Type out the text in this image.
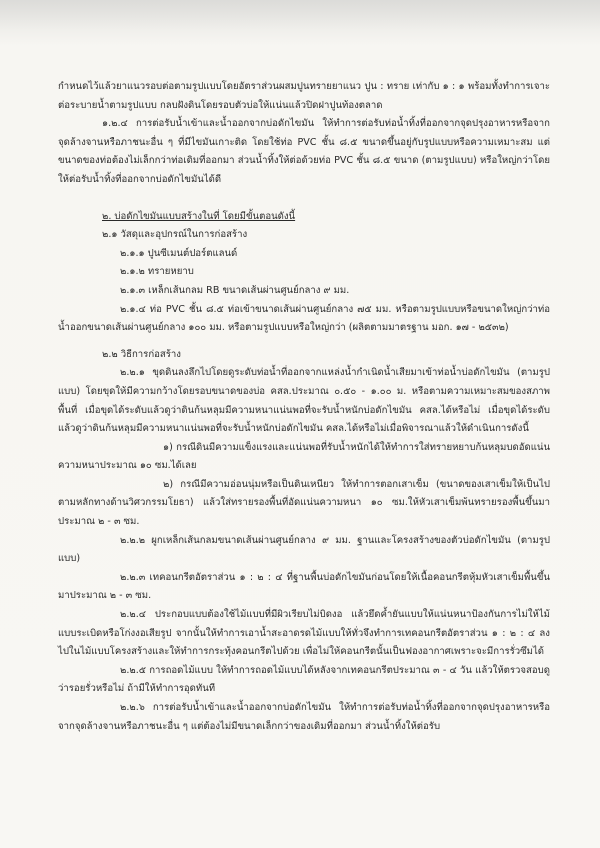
กำหนดไว้แล้วยาแนวรอบต่อตามรูปแบบโดยอัตราส่วนผสมปูนทรายยาแนว ปูน : ทราย เท่ากับ ๑ : ๑ พร้อมทั้งทำการเจาะต่อระบายน้ำตามรูปแบบ กลบฝังดินโดยรอบตัวบ่อให้แน่นแล้วปิดฝาปูนท้องตลาด

๑.๒.๔ การต่อรับน้ำเข้าและน้ำออกจากบ่อดักไขมัน ให้ทำการต่อรับท่อน้ำทิ้งที่ออกจากจุดปรุงอาหารหรือจากจุดล้างจานหรือภาชนะอื่น ๆ ที่มีไขมันเกาะติด โดยใช้ท่อ PVC ชั้น ๘.๕ ขนาดขึ้นอยู่กับรูปแบบหรือความเหมาะสม แต่ขนาดของท่อต้องไม่เล็กกว่าท่อเดิมที่ออกมา ส่วนน้ำทิ้งให้ต่อด้วยท่อ PVC ชั้น ๘.๕ ขนาด (ตามรูปแบบ) หรือใหญ่กว่าโดยให้ต่อรับน้ำทิ้งที่ออกจากบ่อดักไขมันได้ดี

๒. บ่อดักไขมันแบบสร้างในที่ โดยมีขั้นตอนดังนี้

๒.๑ วัสดุและอุปกรณ์ในการก่อสร้าง

๒.๑.๑ ปูนซีเมนต์ปอร์ตแลนด์

๒.๑.๒ ทรายหยาบ

๒.๑.๓ เหล็กเส้นกลม RB ขนาดเส้นผ่านศูนย์กลาง ๙ มม.

๒.๑.๔ ท่อ PVC ชั้น ๘.๕ ท่อเข้าขนาดเส้นผ่านศูนย์กลาง ๗๕ มม. หรือตามรูปแบบหรือขนาดใหญ่กว่าท่อน้ำออกขนาดเส้นผ่านศูนย์กลาง ๑๐๐ มม. หรือตามรูปแบบหรือใหญ่กว่า (ผลิตตามมาตรฐาน มอก. ๑๗ - ๒๕๓๒)

๒.๒ วิธีการก่อสร้าง

๒.๒.๑ ขุดดินลงลึกไปโดยดูระดับท่อน้ำที่ออกจากแหล่งน้ำกำเนิดน้ำเสียมาเข้าท่อน้ำบ่อดักไขมัน (ตามรูปแบบ) โดยขุดให้มีความกว้างโดยรอบขนาดของบ่อ คสล.ประมาณ ๐.๕๐ - ๑.๐๐ ม. หรือตามความเหมาะสมของสภาพพื้นที่ เมื่อขุดได้ระดับแล้วดูว่าดินก้นหลุมมีความหนาแน่นพอที่จะรับน้ำหนักบ่อดักไขมัน คสล.ได้หรือไม่ เมื่อขุดได้ระดับแล้วดูว่าดินก้นหลุมมีความหนาแน่นพอที่จะรับน้ำหนักบ่อดักไขมัน คสล.ได้หรือไม่เมื่อพิจารณาแล้วให้ดำเนินการดังนี้

๑) กรณีดินมีความแข็งแรงและแน่นพอที่รับน้ำหนักได้ให้ทำการใส่ทรายหยาบก้นหลุมบดอัดแน่นความหนาประมาณ ๑๐ ซม.ได้เลย

๒) กรณีมีความอ่อนนุ่มหรือเป็นดินเหนียว ให้ทำการตอกเสาเข็ม (ขนาดของเสาเข็มให้เป็นไปตามหลักทางด้านวิศวกรรมโยธา) แล้วใส่ทรายรองพื้นที่อัดแน่นความหนา ๑๐ ซม.ให้หัวเสาเข็มพ้นทรายรองพื้นขึ้นมาประมาณ ๒ - ๓ ซม.

๒.๒.๒ ผูกเหล็กเส้นกลมขนาดเส้นผ่านศูนย์กลาง ๙ มม. ฐานและโครงสร้างของตัวบ่อดักไขมัน (ตามรูปแบบ)

๒.๒.๓ เทคอนกรีตอัตราส่วน ๑ : ๒ : ๔ ที่ฐานพื้นบ่อดักไขมันก่อนโดยให้เนื้อคอนกรีตหุ้มหัวเสาเข็มพื้นขึ้นมาประมาณ ๒ - ๓ ซม.

๒.๒.๔ ประกอบแบบต้องใช้ไม้แบบที่มีผิวเรียบไม่บิดงอ แล้วยึดค้ำยันแบบให้แน่นหนาป้องกันการไม่ให้ไม้แบบระเบิดหรือโก่งงอเสียรูป จากนั้นให้ทำการเอาน้ำสะอาดรดไม้แบบให้ทั่วจึงทำการเทคอนกรีตอัตราส่วน ๑ : ๒ : ๔ ลงไปในไม้แบบโครงสร้างและให้ทำการกระทุ้งคอนกรีตไปด้วย เพื่อไม่ให้คอนกรีตนั้นเป็นฟองอากาศเพราะจะมีการรั่วซึมได้

๒.๒.๕ การถอดไม้แบบ ให้ทำการถอดไม้แบบได้หลังจากเทคอนกรีตประมาณ ๓ - ๔ วัน แล้วให้ตรวจสอบดูว่ารอยรั่วหรือไม่ ถ้ามีให้ทำการอุดทันที

๒.๒.๖ การต่อรับน้ำเข้าและน้ำออกจากบ่อดักไขมัน ให้ทำการต่อรับท่อน้ำทิ้งที่ออกจากจุดปรุงอาหารหรือจากจุดล้างจานหรือภาชนะอื่น ๆ แต่ต้องไม่มีขนาดเล็กกว่าของเดิมที่ออกมา ส่วนน้ำทิ้งให้ต่อรับ
